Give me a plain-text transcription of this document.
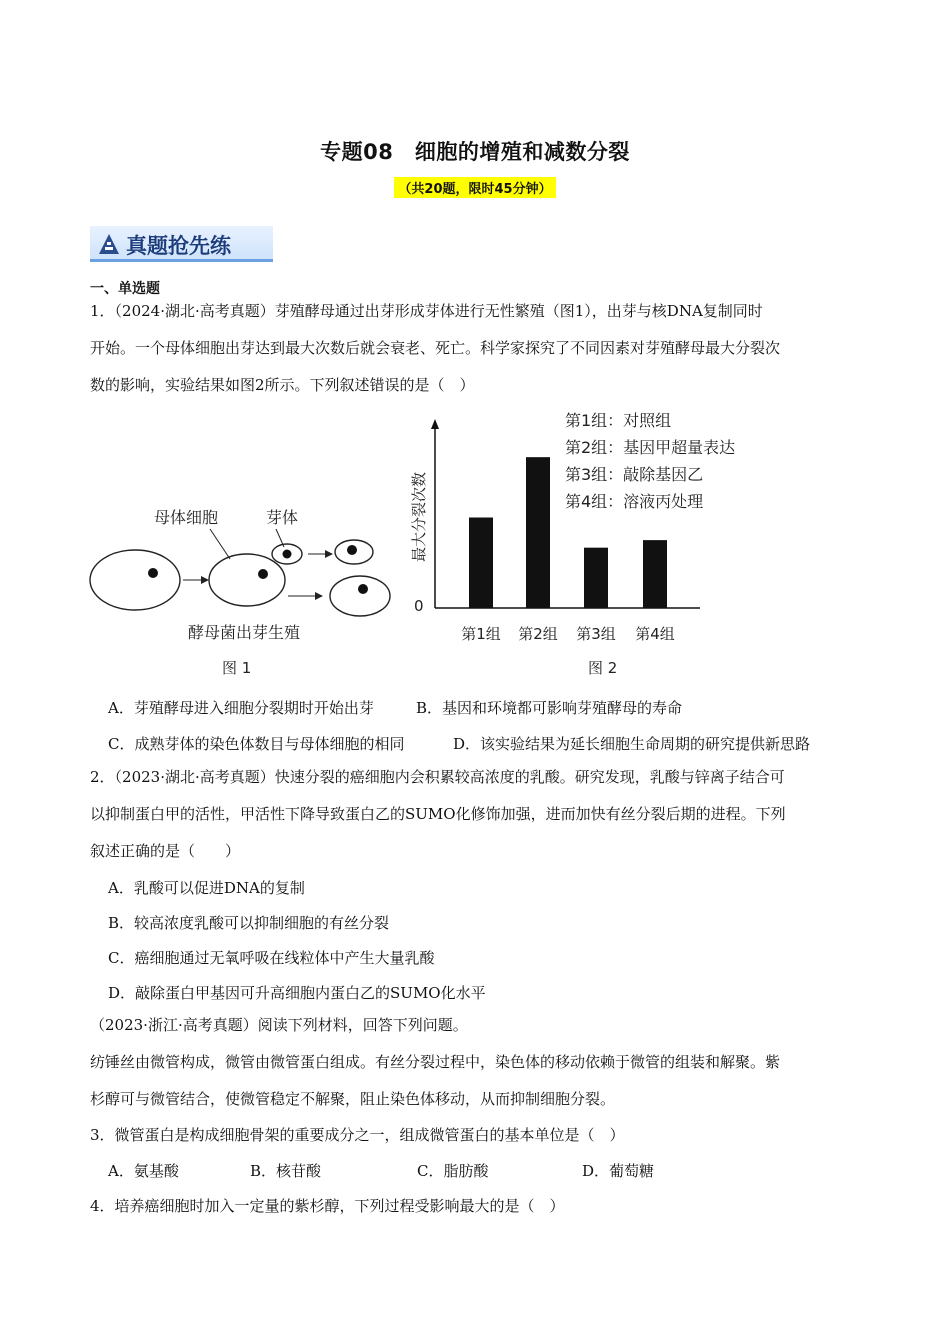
专题08　细胞的增殖和减数分裂
（共20题，限时45分钟）
真题抢先练
一、单选题
1．（2024·湖北·高考真题）芽殖酵母通过出芽形成芽体进行无性繁殖（图1），出芽与核DNA复制同时
开始。一个母体细胞出芽达到最大次数后就会衰老、死亡。科学家探究了不同因素对芽殖酵母最大分裂次
数的影响，实验结果如图2所示。下列叙述错误的是（　）
母体细胞	芽体
酵母菌出芽生殖
图 1
最大分裂次数
0
第1组：对照组
第2组：基因甲超量表达
第3组：敲除基因乙
第4组：溶液丙处理
第1组 第2组 第3组 第4组
图 2
A．芽殖酵母进入细胞分裂期时开始出芽	B．基因和环境都可影响芽殖酵母的寿命
C．成熟芽体的染色体数目与母体细胞的相同	D．该实验结果为延长细胞生命周期的研究提供新思路
2．（2023·湖北·高考真题）快速分裂的癌细胞内会积累较高浓度的乳酸。研究发现，乳酸与锌离子结合可
以抑制蛋白甲的活性，甲活性下降导致蛋白乙的SUMO化修饰加强，进而加快有丝分裂后期的进程。下列
叙述正确的是（　　）
A．乳酸可以促进DNA的复制
B．较高浓度乳酸可以抑制细胞的有丝分裂
C．癌细胞通过无氧呼吸在线粒体中产生大量乳酸
D．敲除蛋白甲基因可升高细胞内蛋白乙的SUMO化水平
（2023·浙江·高考真题）阅读下列材料，回答下列问题。
纺锤丝由微管构成，微管由微管蛋白组成。有丝分裂过程中，染色体的移动依赖于微管的组装和解聚。紫
杉醇可与微管结合，使微管稳定不解聚，阻止染色体移动，从而抑制细胞分裂。
3．微管蛋白是构成细胞骨架的重要成分之一，组成微管蛋白的基本单位是（　）
A．氨基酸	B．核苷酸	C．脂肪酸	D．葡萄糖
4．培养癌细胞时加入一定量的紫杉醇，下列过程受影响最大的是（　）
